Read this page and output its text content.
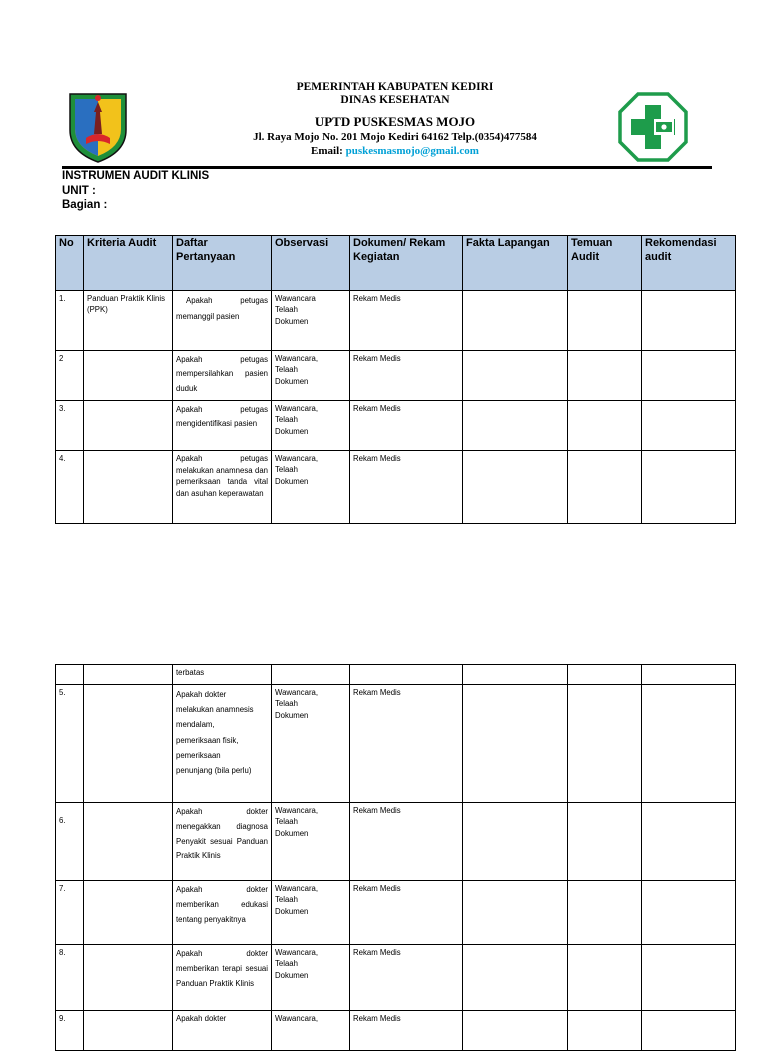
PEMERINTAH KABUPATEN KEDIRI
DINAS KESEHATAN
UPTD PUSKESMAS MOJO
Jl. Raya Mojo No. 201 Mojo Kediri 64162 Telp.(0354)477584
Email: puskesmasmojo@gmail.com
INSTRUMEN AUDIT KLINIS
UNIT :
Bagian :
No	Kriteria Audit	Daftar Pertanyaan	Observasi	Dokumen/ Rekam Kegiatan	Fakta Lapangan	Temuan Audit	Rekomendasi audit
1.	Panduan Praktik Klinis (PPK)	Apakah petugas memanggil pasien	Wawancara
Telaah
Dokumen	Rekam Medis			
2		Apakah petugas mempersilahkan pasien duduk	Wawancara,
Telaah
Dokumen	Rekam Medis			
3.		Apakah petugas mengidentifikasi pasien	Wawancara,
Telaah
Dokumen	Rekam Medis			
4.		Apakah petugas melakukan anamnesa dan pemeriksaan tanda vital dan asuhan keperawatan	Wawancara,
Telaah
Dokumen	Rekam Medis			
		terbatas					
5.		Apakah dokter melakukan anamnesis mendalam, pemeriksaan fisik, pemeriksaan penunjang (bila perlu)	Wawancara,
Telaah
Dokumen	Rekam Medis			
6.		Apakah dokter menegakkan diagnosa Penyakit sesuai Panduan Praktik Klinis	Wawancara,
Telaah
Dokumen	Rekam Medis			
7.		Apakah dokter memberikan edukasi tentang penyakitnya	Wawancara,
Telaah
Dokumen	Rekam Medis			
8.		Apakah dokter memberikan terapi sesuai Panduan Praktik Klinis	Wawancara,
Telaah
Dokumen	Rekam Medis			
9.		Apakah dokter	Wawancara,	Rekam Medis			
